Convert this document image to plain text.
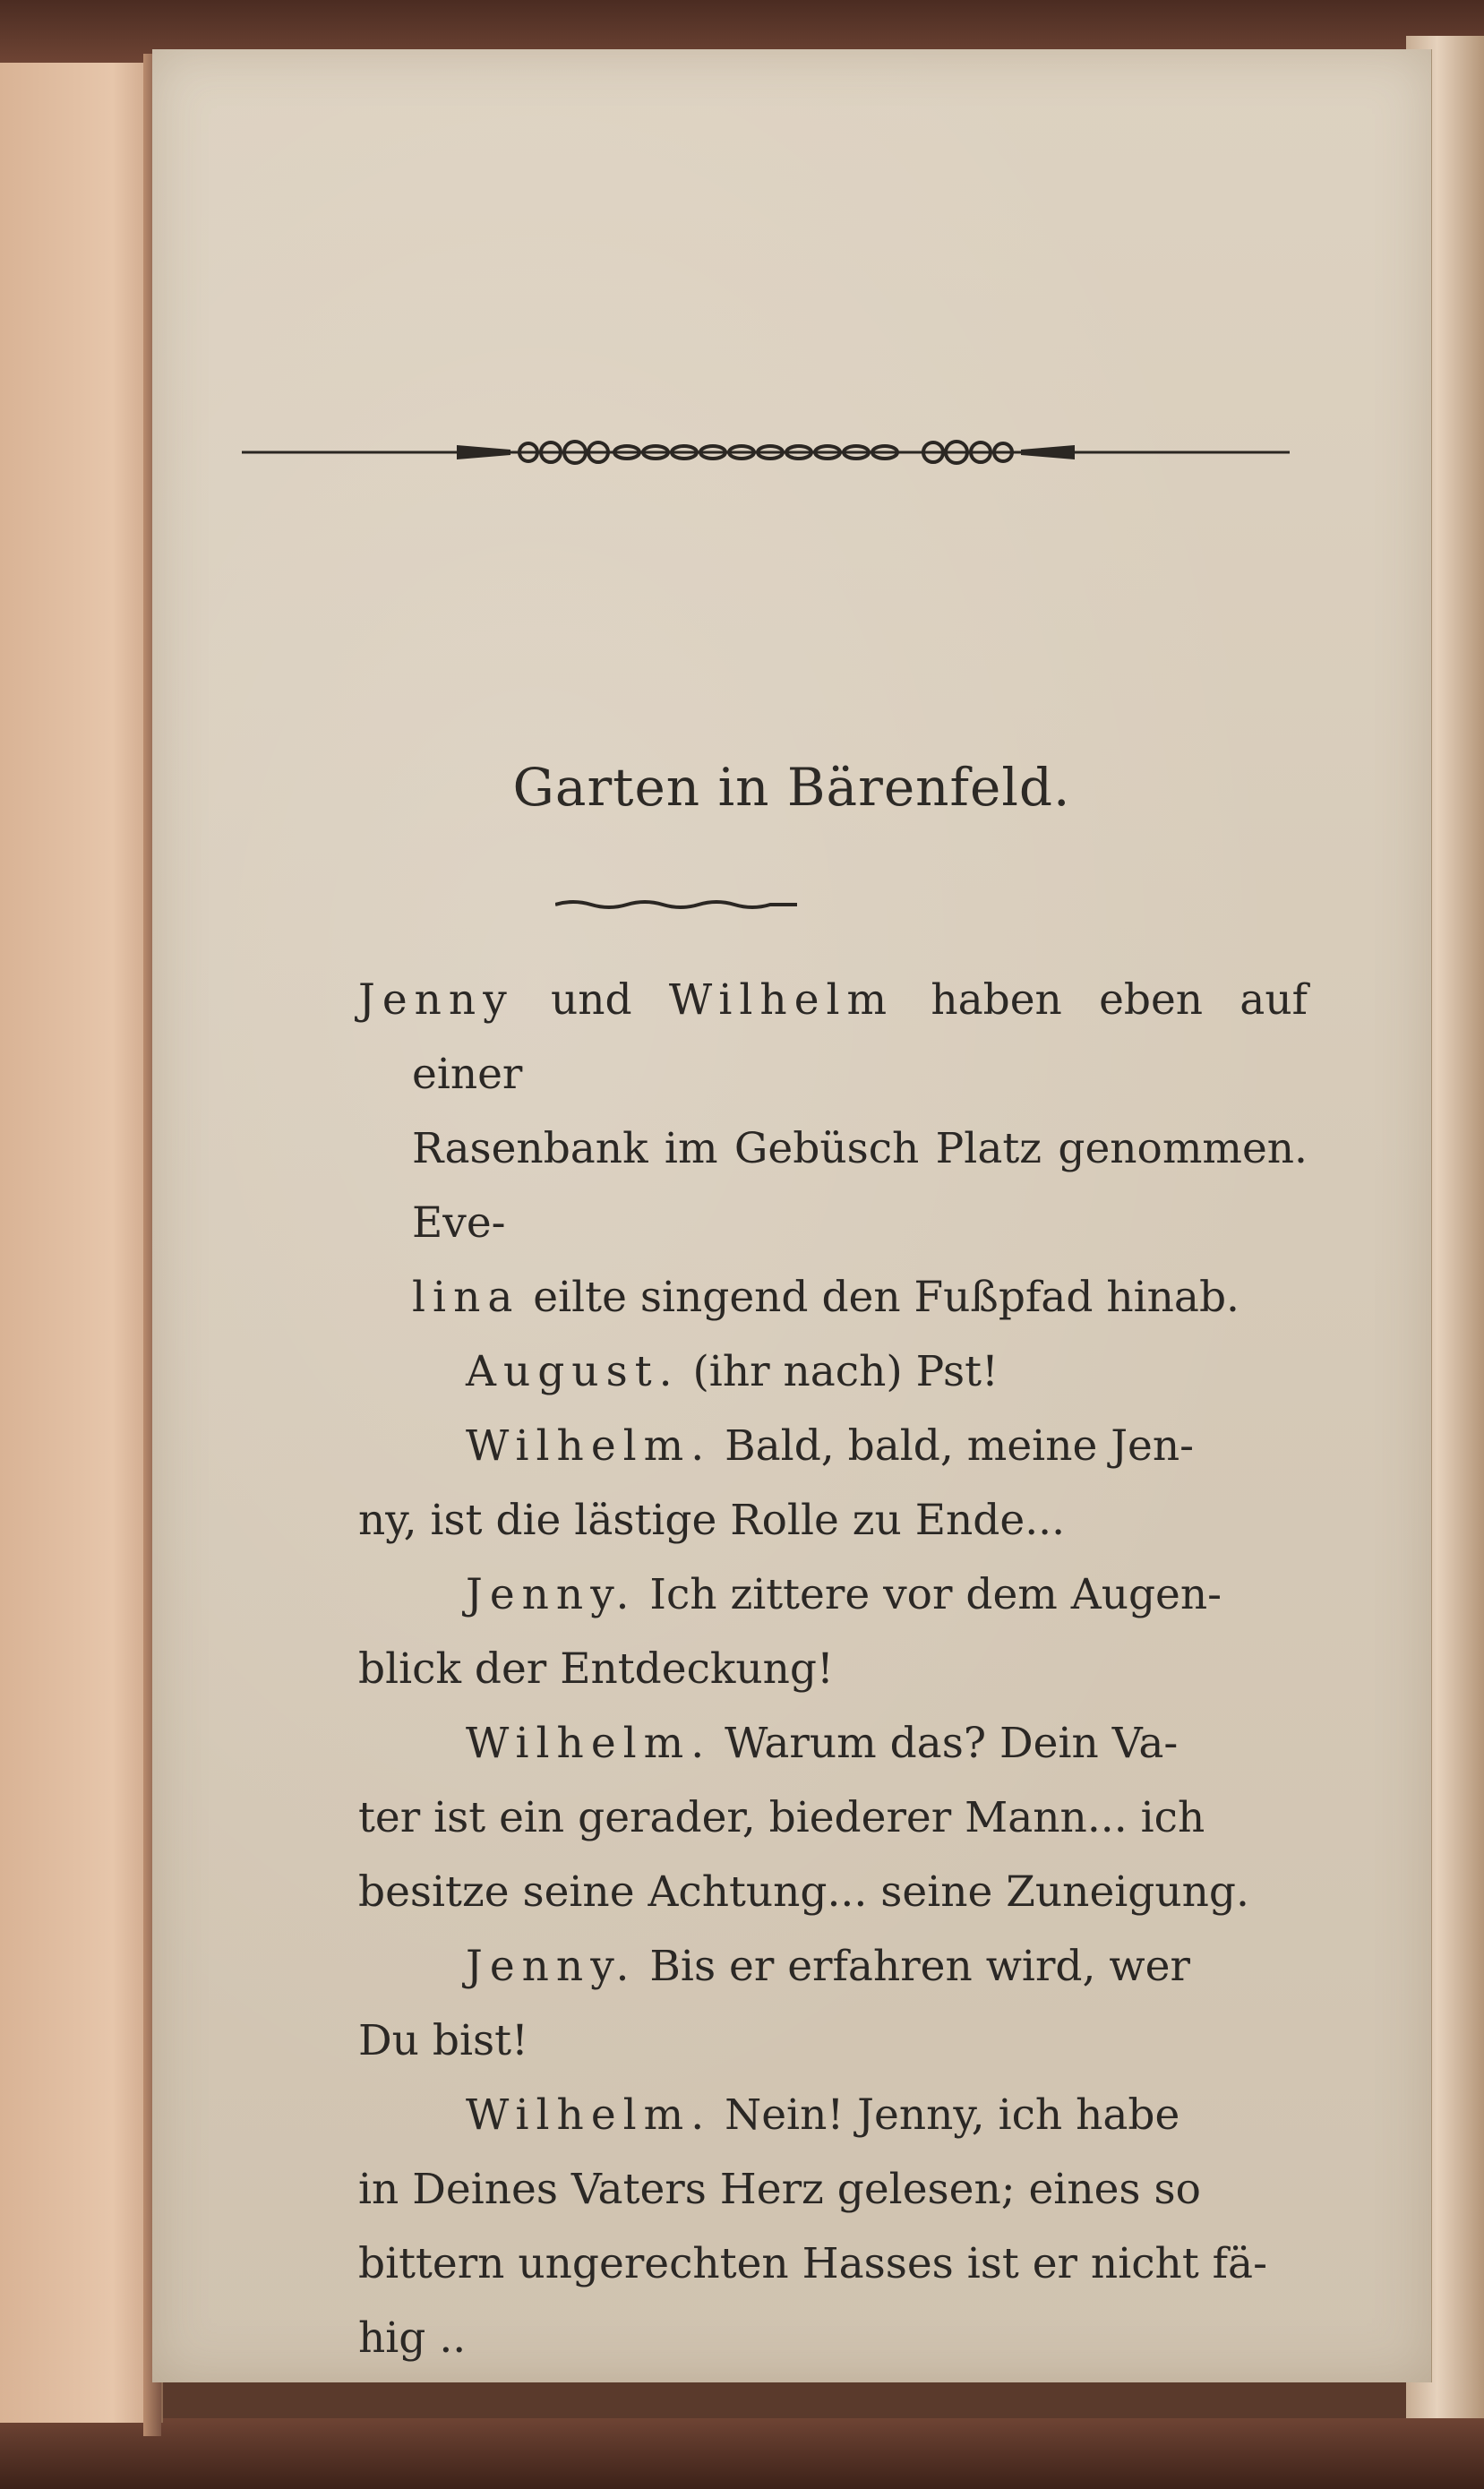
Garten in Bärenfeld.

Jenny und Wilhelm haben eben auf einer
Rasenbank im Gebüsch Platz genommen. Eve-
lina eilte singend den Fußpfad hinab.

August. (ihr nach) Pst!
Wilhelm. Bald, bald, meine Jen-
ny, ist die lästige Rolle zu Ende...
Jenny. Ich zittere vor dem Augen-
blick der Entdeckung!
Wilhelm. Warum das? Dein Va-
ter ist ein gerader, biederer Mann... ich
besitze seine Achtung... seine Zuneigung.
Jenny. Bis er erfahren wird, wer
Du bist!
Wilhelm. Nein! Jenny, ich habe
in Deines Vaters Herz gelesen; eines so
bittern ungerechten Hasses ist er nicht fä-
hig ..
